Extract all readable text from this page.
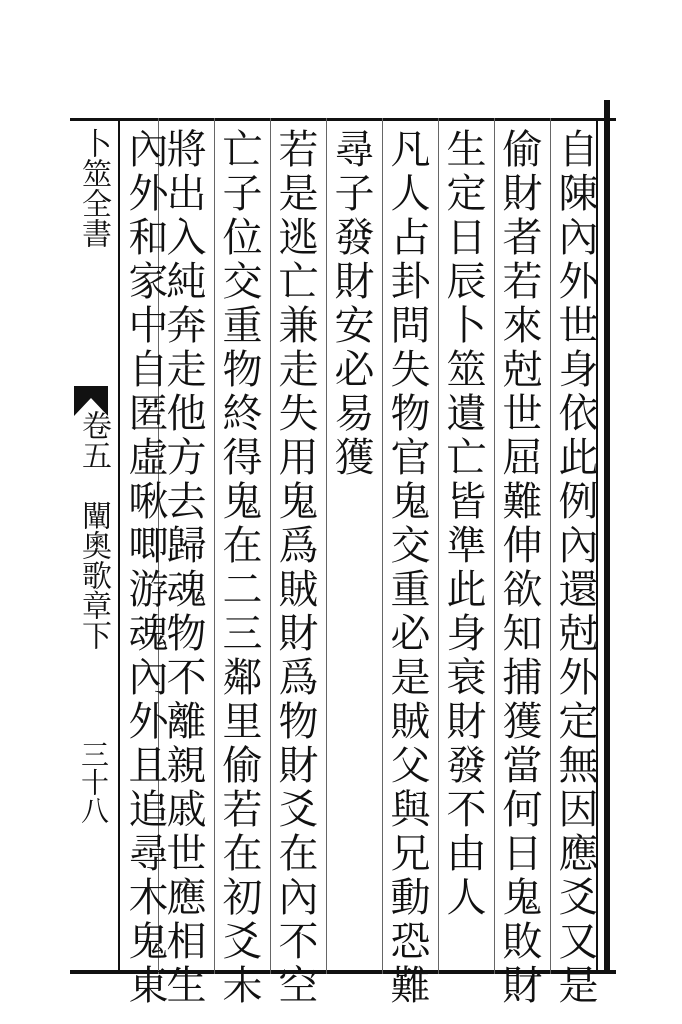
自陳內外世身依此例內還尅外定無因應爻又是
偷財者若來尅世屈難伸欲知捕獲當何日鬼敗財
生定日辰卜筮遺亡皆準此身衰財發不由人
凡人占卦問失物官鬼交重必是賊父與兄動恐難
尋子發財安必易獲
若是逃亡兼走失用鬼爲賊財爲物財爻在內不空
亡子位交重物終得鬼在二三鄰里偷若在初爻未
將出入純奔走他方去歸魂物不離親戚世應相生
內外和家中自匿虛啾唧游魂內外且追尋木鬼東
卜筮全書
卷五　闡奧歌章下
三十八
